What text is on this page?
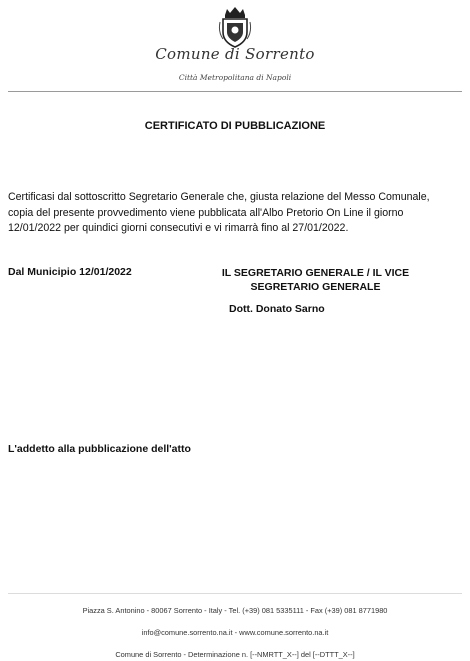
Comune di Sorrento
Città Metropolitana di Napoli
CERTIFICATO DI PUBBLICAZIONE
Certificasi dal sottoscritto Segretario Generale che, giusta relazione del Messo Comunale,
copia del presente provvedimento viene pubblicata all'Albo Pretorio On Line il giorno
12/01/2022 per quindici giorni consecutivi e vi rimarrà fino al 27/01/2022.
Dal Municipio 12/01/2022	IL SEGRETARIO GENERALE / IL VICE
SEGRETARIO GENERALE
Dott. Donato Sarno
L'addetto alla pubblicazione dell'atto
Piazza S. Antonino - 80067 Sorrento - Italy - Tel. (+39) 081 5335111 - Fax (+39) 081 8771980
info@comune.sorrento.na.it - www.comune.sorrento.na.it
Comune di Sorrento - Determinazione n. [--NMRTT_X--] del [--DTTT_X--]
